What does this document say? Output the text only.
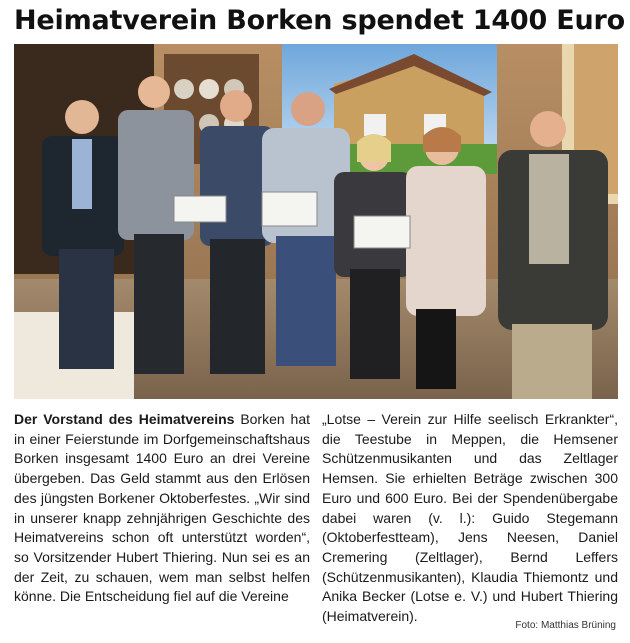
Heimatverein Borken spendet 1400 Euro
Der Vorstand des Heimatvereins Borken hat in einer Feierstunde im Dorfgemeinschaftshaus Borken insgesamt 1400 Euro an drei Vereine übergeben. Das Geld stammt aus den Erlösen des jüngsten Borkener Oktoberfestes. „Wir sind in unserer knapp zehnjährigen Geschichte des Heimatvereins schon oft unterstützt worden“, so Vorsitzender Hubert Thiering. Nun sei es an der Zeit, zu schauen, wem man selbst helfen könne. Die Entscheidung fiel auf die Vereine
„Lotse – Verein zur Hilfe seelisch Erkrankter“, die Teestube in Meppen, die Hemsener Schützenmusikanten und das Zeltlager Hemsen. Sie erhielten Beträge zwischen 300 Euro und 600 Euro. Bei der Spendenübergabe dabei waren (v. l.): Guido Stegemann (Oktoberfestteam), Jens Neesen, Daniel Cremering (Zeltlager), Bernd Leffers (Schützenmusikanten), Klaudia Thiemontz und Anika Becker (Lotse e. V.) und Hubert Thiering (Heimatverein).
Foto: Matthias Brüning
